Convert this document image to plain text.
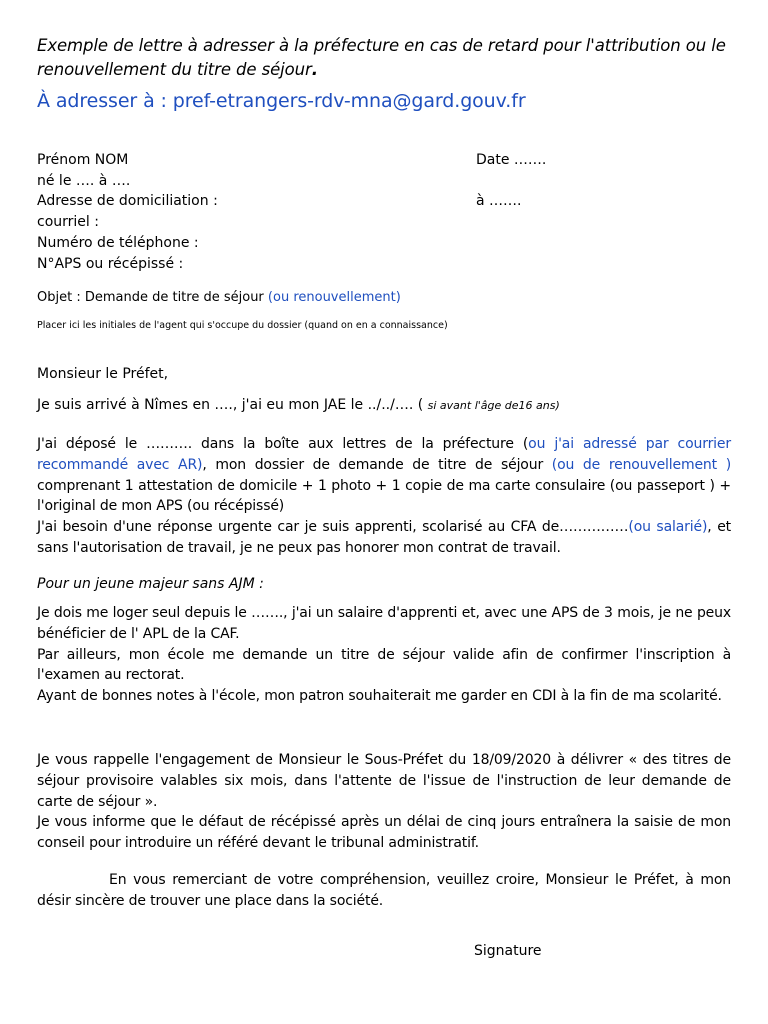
Exemple de lettre à adresser à la préfecture en cas de retard pour l'attribution ou le renouvellement du titre de séjour.
À adresser à : pref-etrangers-rdv-mna@gard.gouv.fr
Prénom NOM
né le …. à ….
Adresse de domiciliation :
courriel :
Numéro de téléphone :
N°APS ou récépissé :
Date …….
à …….
Objet : Demande de titre de séjour (ou renouvellement)
Placer ici les initiales de l'agent qui s'occupe du dossier (quand on en a connaissance)
Monsieur le Préfet,
Je suis arrivé à Nîmes en …., j'ai eu mon JAE le ../../…. ( si avant l'âge de16 ans)
J'ai déposé le ………. dans la boîte aux lettres de la préfecture (ou j'ai adressé par courrier recommandé avec AR), mon dossier de demande de titre de séjour (ou de renouvellement ) comprenant 1 attestation de domicile + 1 photo + 1 copie de ma carte consulaire (ou passeport ) + l'original de mon APS (ou récépissé)
J'ai besoin d'une réponse urgente car je suis apprenti, scolarisé au CFA de……………(ou salarié), et sans l'autorisation de travail, je ne peux pas honorer mon contrat de travail.
Pour un jeune majeur sans AJM :
Je dois me loger seul depuis le ……., j'ai un salaire d'apprenti et, avec une APS de 3 mois, je ne peux bénéficier de l' APL de la CAF.
Par ailleurs, mon école me demande un titre de séjour valide afin de confirmer l'inscription à l'examen au rectorat.
Ayant de bonnes notes à l'école, mon patron souhaiterait me garder en CDI à la fin de ma scolarité.
Je vous rappelle l'engagement de Monsieur le Sous-Préfet du 18/09/2020 à délivrer « des titres de séjour provisoire valables six mois, dans l'attente de l'issue de l'instruction de leur demande de carte de séjour ».
Je vous informe que le défaut de récépissé après un délai de cinq jours entraînera la saisie de mon conseil pour introduire un référé devant le tribunal administratif.
En vous remerciant de votre compréhension, veuillez croire, Monsieur le Préfet, à mon désir sincère de trouver une place dans la société.
Signature
